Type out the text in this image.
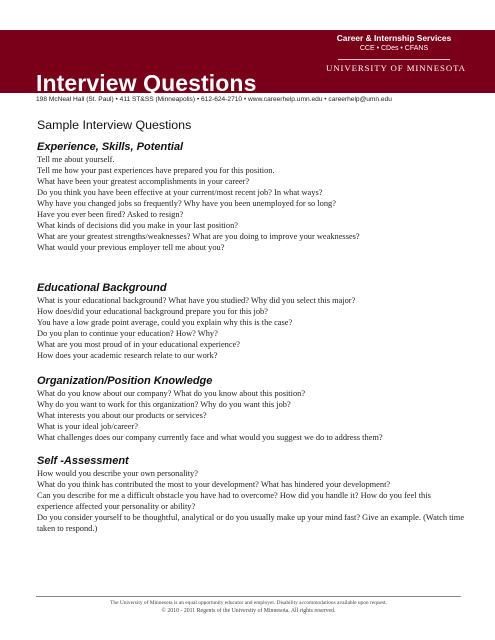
Interview Questions
Career & Internship Services
CCE • CDes • CFANS
UNIVERSITY OF MINNESOTA
198 McNeal Hall (St. Paul) • 411 ST&SS (Minneapolis) • 612-624-2710 • www.careerhelp.umn.edu • careerhelp@umn.edu
Sample Interview Questions
Experience, Skills, Potential
Tell me about yourself.
Tell me how your past experiences have prepared you for this position.
What have been your greatest accomplishments in your career?
Do you think you have been effective at your current/most recent job? In what ways?
Why have you changed jobs so frequently? Why have you been unemployed for so long?
Have you ever been fired? Asked to resign?
What kinds of decisions did you make in your last position?
What are your greatest strengths/weaknesses? What are you doing to improve your weaknesses?
What would your previous employer tell me about you?
Educational Background
What is your educational background? What have you studied? Why did you select this major?
How does/did your educational background prepare you for this job?
You have a low grade point average, could you explain why this is the case?
Do you plan to continue your education? How? Why?
What are you most proud of in your educational experience?
How does your academic research relate to our work?
Organization/Position Knowledge
What do you know about our company? What do you know about this position?
Why do you want to work for this organization? Why do you want this job?
What interests you about our products or services?
What is your ideal job/career?
What challenges does our company currently face and what would you suggest we do to address them?
Self -Assessment
How would you describe your own personality?
What do you think has contributed the most to your development? What has hindered your development?
Can you describe for me a difficult obstacle you have had to overcome? How did you handle it? How do you feel this experience affected your personality or ability?
Do you consider yourself to be thoughtful, analytical or do you usually make up your mind fast? Give an example. (Watch time taken to respond.)
The University of Minnesota is an equal opportunity educator and employer. Disability accommodations available upon request.
© 2010 - 2011 Regents of the University of Minnesota. All rights reserved.
